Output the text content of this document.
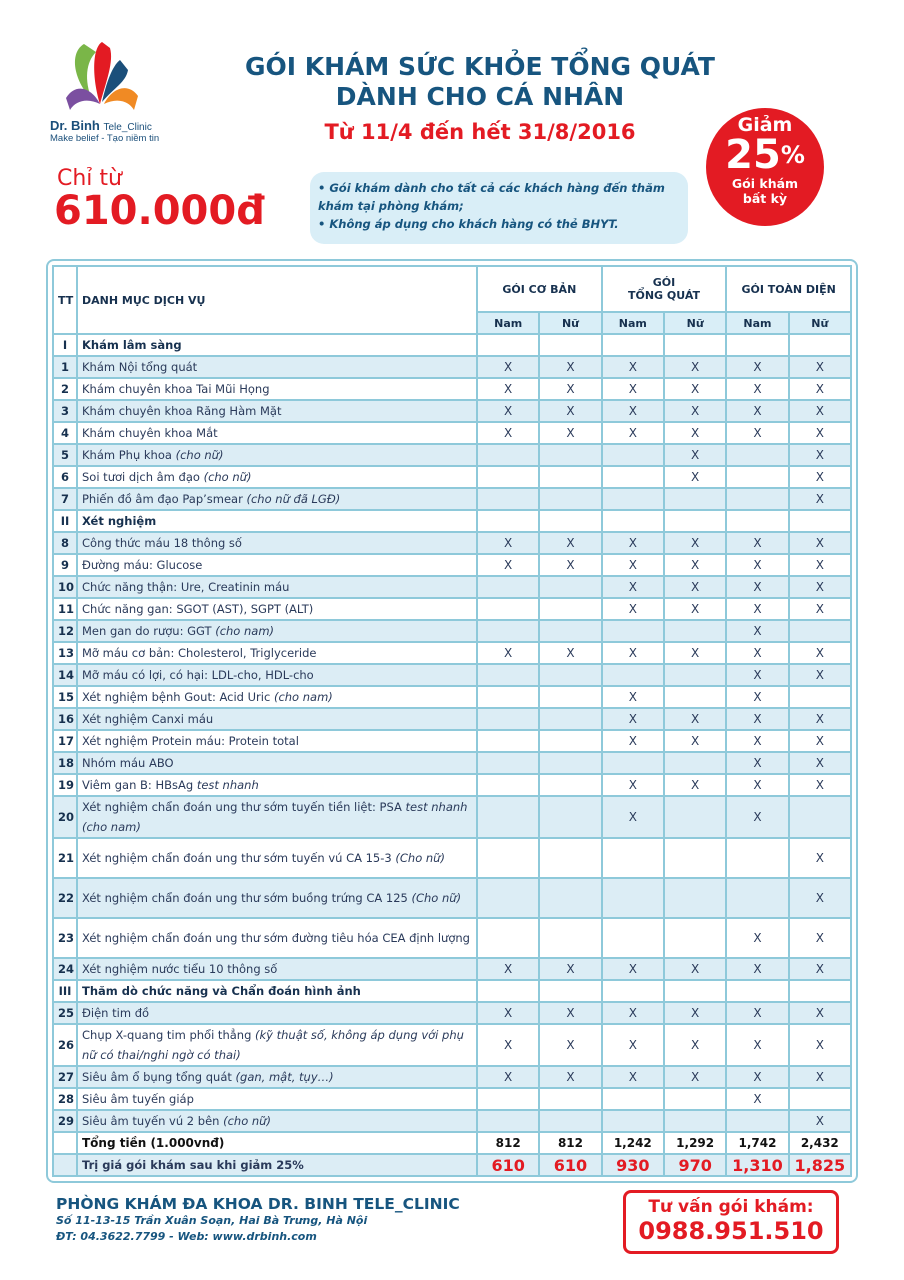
Dr. Binh Tele_Clinic
Make belief - Tạo niềm tin
GÓI KHÁM SỨC KHỎE TỔNG QUÁT
DÀNH CHO CÁ NHÂN
Từ 11/4 đến hết 31/8/2016	Giảm
25%
Gói khám
bất kỳ
Chỉ từ
610.000đ	• Gói khám dành cho tất cả các khách hàng đến thăm khám tại phòng khám;
• Không áp dụng cho khách hàng có thẻ BHYT.
TT	DANH MỤC DỊCH VỤ	GÓI CƠ BẢN		GÓI
TỔNG QUÁT		GÓI TOÀN DIỆN	
		Nam	Nữ	Nam	Nữ	Nam	Nữ
I	Khám lâm sàng						
1	Khám Nội tổng quát	X	X	X	X	X	X
2	Khám chuyên khoa Tai Mũi Họng	X	X	X	X	X	X
3	Khám chuyên khoa Răng Hàm Mặt	X	X	X	X	X	X
4	Khám chuyên khoa Mắt	X	X	X	X	X	X
5	Khám Phụ khoa (cho nữ)				X		X
6	Soi tươi dịch âm đạo (cho nữ)				X		X
7	Phiến đồ âm đạo Pap’smear (cho nữ đã LGĐ)						X
II	Xét nghiệm						
8	Công thức máu 18 thông số	X	X	X	X	X	X
9	Đường máu: Glucose	X	X	X	X	X	X
10	Chức năng thận: Ure, Creatinin máu			X	X	X	X
11	Chức năng gan: SGOT (AST), SGPT (ALT)			X	X	X	X
12	Men gan do rượu: GGT (cho nam)					X	
13	Mỡ máu cơ bản: Cholesterol, Triglyceride	X	X	X	X	X	X
14	Mỡ máu có lợi, có hại: LDL-cho, HDL-cho					X	X
15	Xét nghiệm bệnh Gout: Acid Uric (cho nam)			X		X	
16	Xét nghiệm Canxi máu			X	X	X	X
17	Xét nghiệm Protein máu: Protein total			X	X	X	X
18	Nhóm máu ABO					X	X
19	Viêm gan B: HBsAg test nhanh			X	X	X	X
20	Xét nghiệm chẩn đoán ung thư sớm tuyến tiền liệt: PSA test nhanh (cho nam)			X		X	
21	Xét nghiệm chẩn đoán ung thư sớm tuyến vú CA 15-3 (Cho nữ)						X
22	Xét nghiệm chẩn đoán ung thư sớm buồng trứng CA 125 (Cho nữ)						X
23	Xét nghiệm chẩn đoán ung thư sớm đường tiêu hóa CEA định lượng					X	X
24	Xét nghiệm nước tiểu 10 thông số	X	X	X	X	X	X
III	Thăm dò chức năng và Chẩn đoán hình ảnh						
25	Điện tim đồ	X	X	X	X	X	X
26	Chụp X-quang tim phổi thẳng (kỹ thuật số, không áp dụng với phụ nữ có thai/nghi ngờ có thai)	X	X	X	X	X	X
27	Siêu âm ổ bụng tổng quát (gan, mật, tụy…)	X	X	X	X	X	X
28	Siêu âm tuyến giáp					X	
29	Siêu âm tuyến vú 2 bên (cho nữ)						X
	Tổng tiền (1.000vnđ)	812	812	1,242	1,292	1,742	2,432
	Trị giá gói khám sau khi giảm 25%	610	610	930	970	1,310	1,825
PHÒNG KHÁM ĐA KHOA DR. BINH TELE_CLINIC
Số 11-13-15 Trần Xuân Soạn, Hai Bà Trưng, Hà Nội
ĐT: 04.3622.7799 - Web: www.drbinh.com
Tư vấn gói khám:
0988.951.510
